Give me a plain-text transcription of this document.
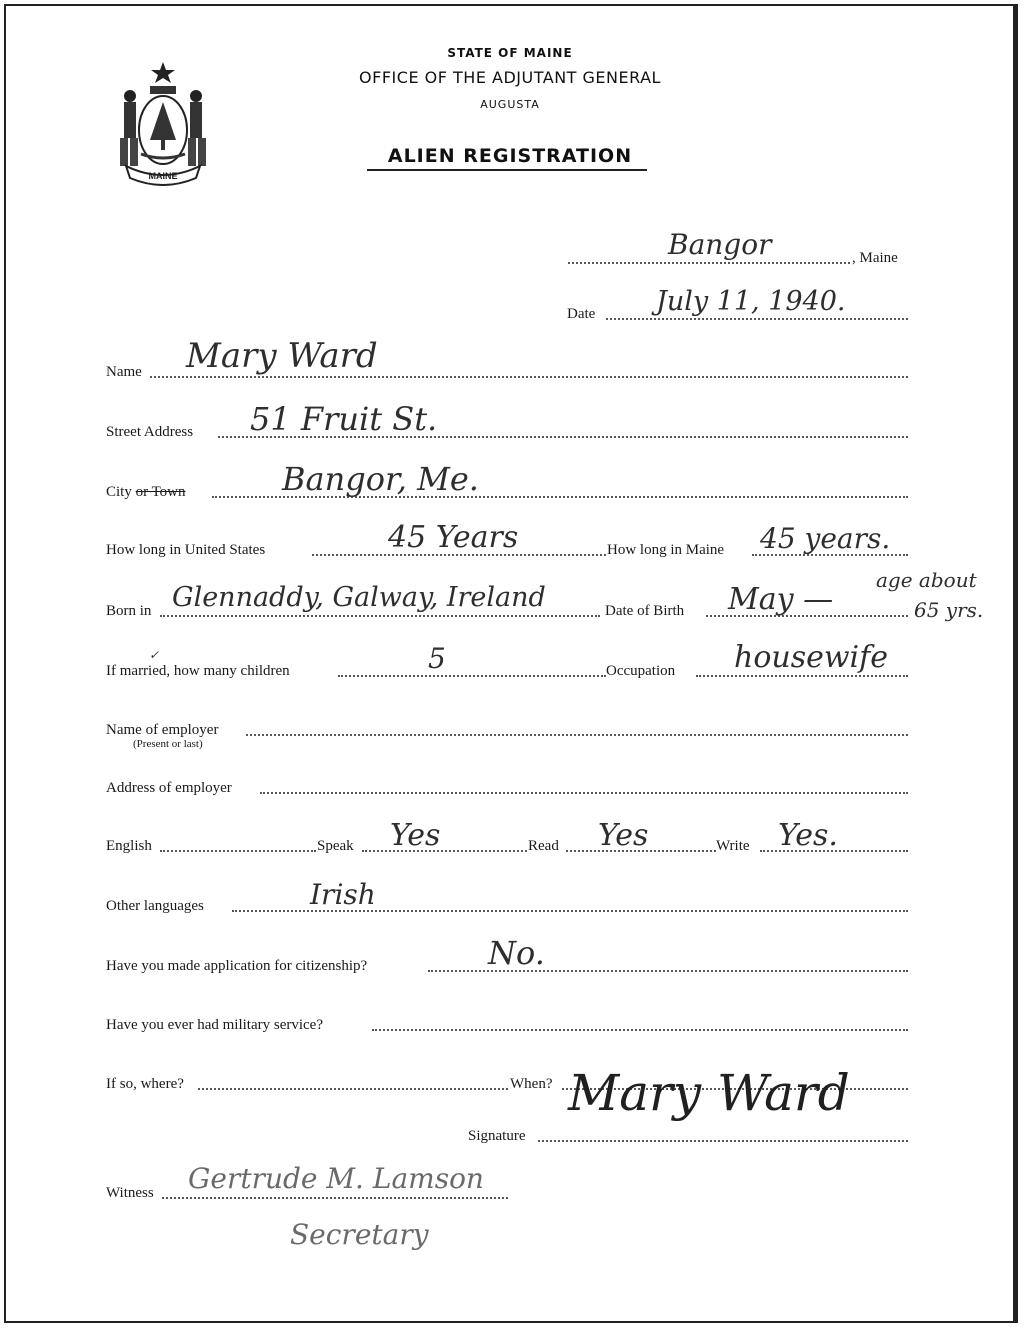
MAINE
STATE OF MAINE
OFFICE OF THE ADJUTANT GENERAL
AUGUSTA
ALIEN REGISTRATION
Bangor	, Maine
Date July 11, 1940.
Name Mary Ward
Street Address 51 Fruit St.
City or Town	Bangor, Me.
How long in United States	45 Years	How long in Maine 45 years.
Born in Glennaddy, Galway, Ireland	Date of Birth May —
age about
65 yrs.
✓
If married, how many children	5	Occupation housewife
Name of employer
(Present or last)
Address of employer
English	Speak Yes	Read Yes	Write Yes.
Other languages	Irish
Have you made application for citizenship?	No.
Have you ever had military service?
If so, where?	When?
Signature
Mary Ward
Witness Gertrude M. Lamson
Secretary
